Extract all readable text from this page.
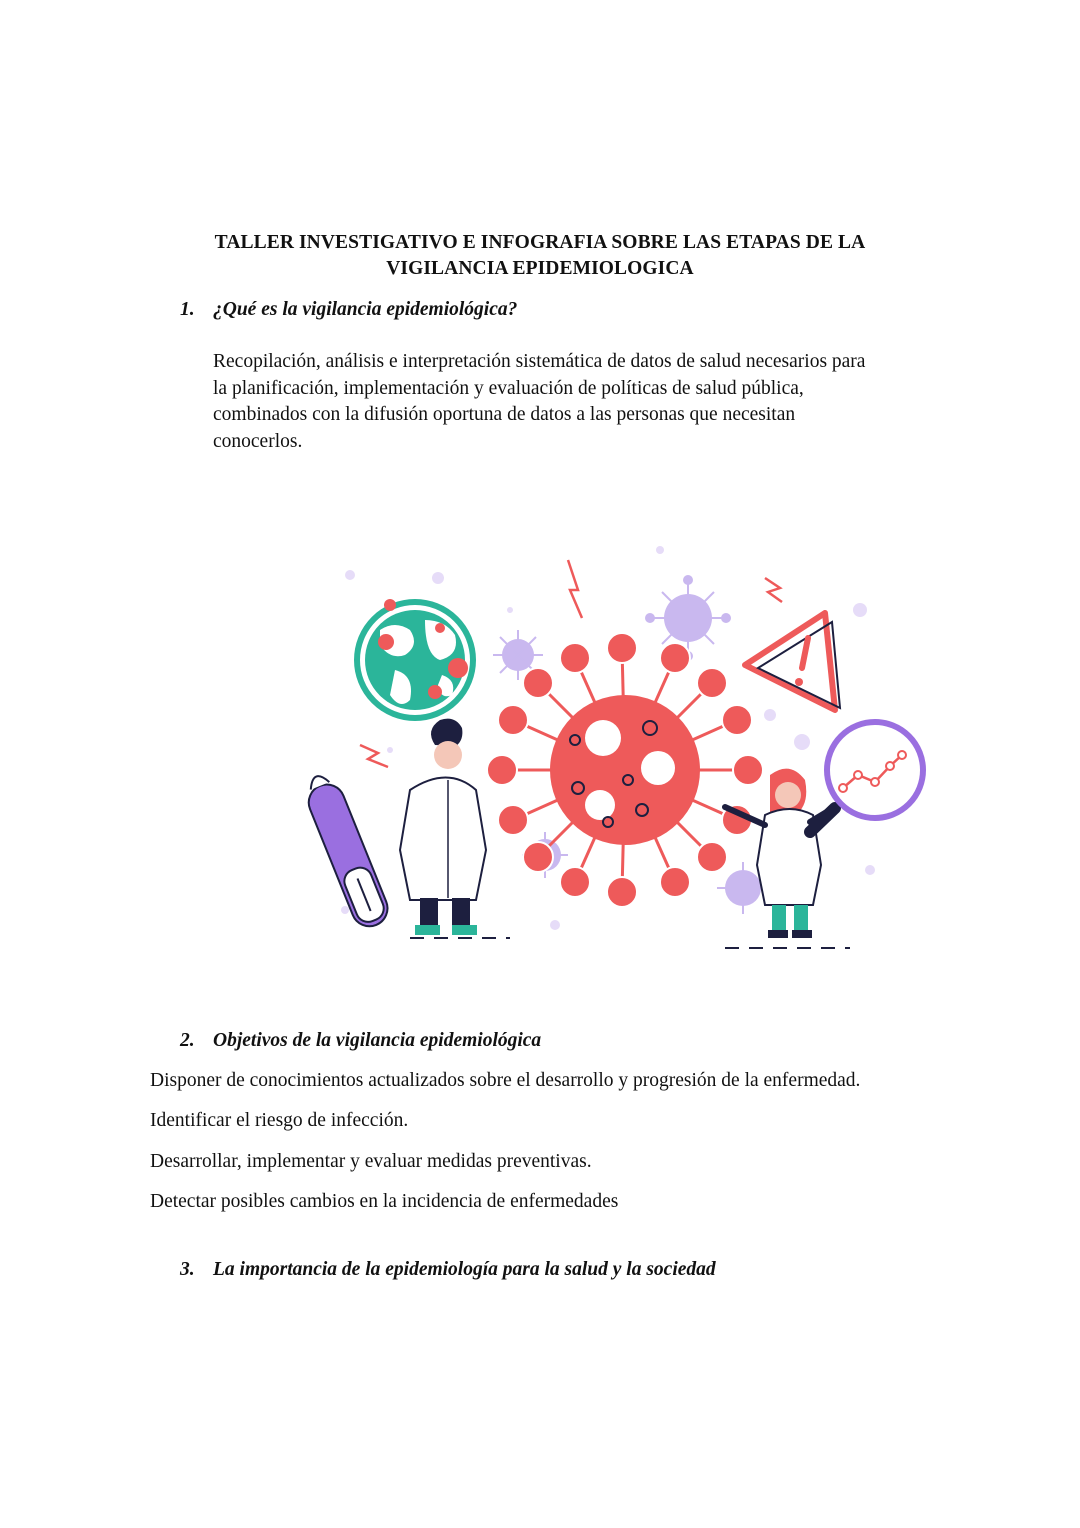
TALLER INVESTIGATIVO E INFOGRAFIA SOBRE LAS ETAPAS DE LA
VIGILANCIA EPIDEMIOLOGICA
1. ¿Qué es la vigilancia epidemiológica?
Recopilación, análisis e interpretación sistemática de datos de salud necesarios para
la planificación, implementación y evaluación de políticas de salud pública,
combinados con la difusión oportuna de datos a las personas que necesitan
conocerlos.
2. Objetivos de la vigilancia epidemiológica
Disponer de conocimientos actualizados sobre el desarrollo y progresión de la enfermedad.
Identificar el riesgo de infección.
Desarrollar, implementar y evaluar medidas preventivas.
Detectar posibles cambios en la incidencia de enfermedades
3. La importancia de la epidemiología para la salud y la sociedad
